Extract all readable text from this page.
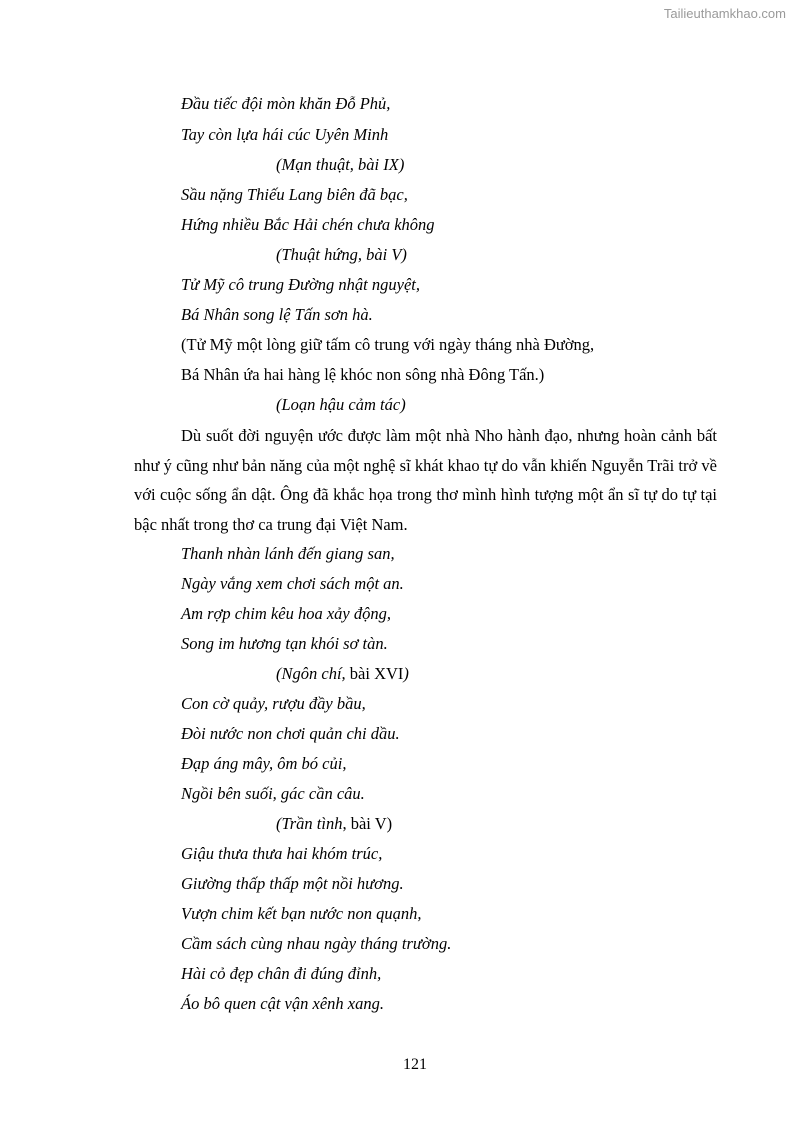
Tailieuthamkhao.com
Đầu tiếc đội mòn khăn Đỗ Phủ,
Tay còn lựa hái cúc Uyên Minh
(Mạn thuật, bài IX)
Sầu nặng Thiếu Lang biên đã bạc,
Hứng nhiều Bắc Hải chén chưa không
(Thuật hứng, bài V)
Tử Mỹ cô trung Đường nhật nguyệt,
Bá Nhân song lệ Tấn sơn hà.
(Tử Mỹ một lòng giữ tấm cô trung với ngày tháng nhà Đường,
Bá Nhân ứa hai hàng lệ khóc non sông nhà Đông Tấn.)
(Loạn hậu cảm tác)
Dù suốt đời nguyện ước được làm một nhà Nho hành đạo, nhưng hoàn cảnh bất như ý cũng như bản năng của một nghệ sĩ khát khao tự do vẫn khiến Nguyễn Trãi trở về với cuộc sống ẩn dật. Ông đã khắc họa trong thơ mình hình tượng một ẩn sĩ tự do tự tại bậc nhất trong thơ ca trung đại Việt Nam.
Thanh nhàn lánh đến giang san,
Ngày vắng xem chơi sách một an.
Am rợp chim kêu hoa xảy động,
Song im hương tạn khói sơ tàn.
(Ngôn chí, bài XVI)
Con cờ quảy, rượu đầy bầu,
Đòi nước non chơi quản chi dầu.
Đạp áng mây, ôm bó củi,
Ngồi bên suối, gác cần câu.
(Trần tình, bài V)
Giậu thưa thưa hai khóm trúc,
Giường thấp thấp một nồi hương.
Vượn chim kết bạn nước non quạnh,
Cầm sách cùng nhau ngày tháng trường.
Hài cỏ đẹp chân đi đúng đỉnh,
Áo bô quen cật vận xênh xang.
121
